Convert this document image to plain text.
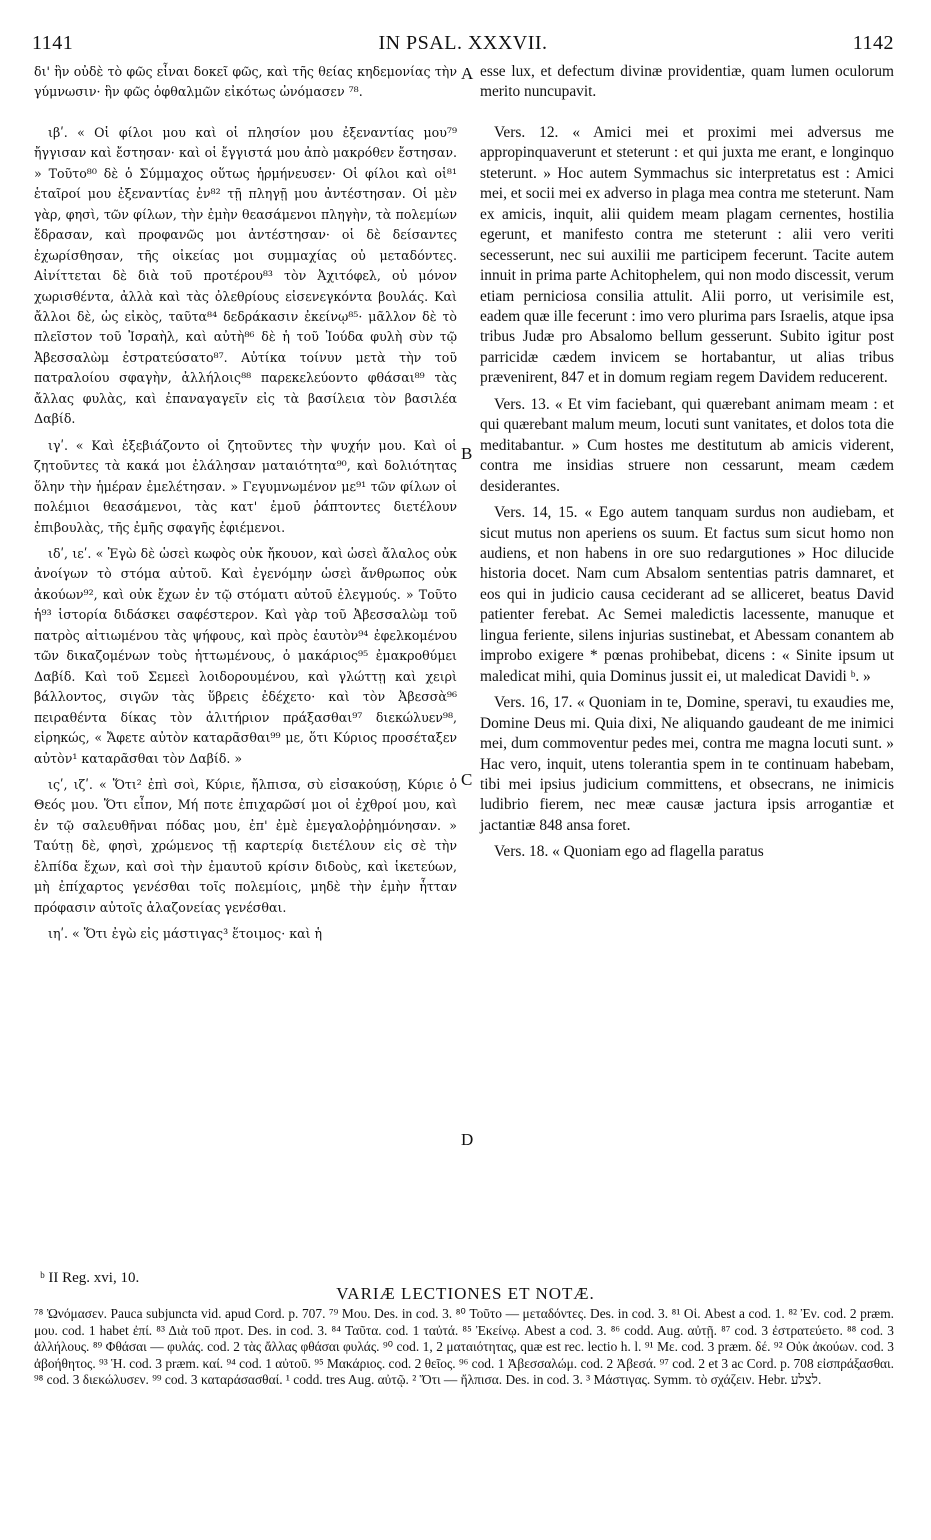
1141	IN PSAL. XXXVII.	1142

δι' ἣν οὐδὲ τὸ φῶς εἶναι δοκεῖ φῶς, καὶ τῆς θείας κηδεμονίας τὴν γύμνωσιν· ἣν φῶς ὀφθαλμῶν εἰκότως ὠνόμασεν ⁷⁸.

ιβʹ. « Οἱ φίλοι μου καὶ οἱ πλησίον μου ἐξεναντίας μου⁷⁹ ἤγγισαν καὶ ἔστησαν· καὶ οἱ ἔγγιστά μου ἀπὸ μακρόθεν ἔστησαν. » Τοῦτο⁸⁰ δὲ ὁ Σύμμαχος οὕτως ἡρμήνευσεν· Οἱ φίλοι καὶ οἱ⁸¹ ἑταῖροί μου ἐξεναντίας ἐν⁸² τῇ πληγῇ μου ἀντέστησαν. Οἱ μὲν γὰρ, φησὶ, τῶν φίλων, τὴν ἐμὴν θεασάμενοι πληγὴν, τὰ πολεμίων ἔδρασαν, καὶ προφανῶς μοι ἀντέστησαν· οἱ δὲ δείσαντες ἐχωρίσθησαν, τῆς οἰκείας μοι συμμαχίας οὐ μεταδόντες. Αἰνίττεται δὲ διὰ τοῦ προτέρου⁸³ τὸν Ἀχιτόφελ, οὐ μόνον χωρισθέντα, ἀλλὰ καὶ τὰς ὀλεθρίους εἰσενεγκόντα βουλάς. Καὶ ἄλλοι δὲ, ὡς εἰκὸς, ταῦτα⁸⁴ δεδράκασιν ἐκείνῳ⁸⁵· μᾶλλον δὲ τὸ πλεῖστον τοῦ Ἰσραὴλ, καὶ αὐτὴ⁸⁶ δὲ ἡ τοῦ Ἰούδα φυλὴ σὺν τῷ Ἀβεσσαλὼμ ἐστρατεύσατο⁸⁷. Αὐτίκα τοίνυν μετὰ τὴν τοῦ πατραλοίου σφαγὴν, ἀλλήλοις⁸⁸ παρεκελεύοντο φθάσαι⁸⁹ τὰς ἄλλας φυλὰς, καὶ ἐπαναγαγεῖν εἰς τὰ βασίλεια τὸν βασιλέα Δαβίδ.

ιγʹ. « Καὶ ἐξεβιάζοντο οἱ ζητοῦντες τὴν ψυχήν μου. Καὶ οἱ ζητοῦντες τὰ κακά μοι ἐλάλησαν ματαιότητα⁹⁰, καὶ δολιότητας ὅλην τὴν ἡμέραν ἐμελέτησαν. » Γεγυμνωμένον με⁹¹ τῶν φίλων οἱ πολέμιοι θεασάμενοι, τὰς κατ' ἐμοῦ ῥάπτοντες διετέλουν ἐπιβουλὰς, τῆς ἐμῆς σφαγῆς ἐφιέμενοι.

ιδʹ, ιεʹ. « Ἐγὼ δὲ ὡσεὶ κωφὸς οὐκ ἤκουον, καὶ ὡσεὶ ἄλαλος οὐκ ἀνοίγων τὸ στόμα αὐτοῦ. Καὶ ἐγενόμην ὡσεὶ ἄνθρωπος οὐκ ἀκούων⁹², καὶ οὐκ ἔχων ἐν τῷ στόματι αὐτοῦ ἐλεγμούς. » Τοῦτο ἡ⁹³ ἱστορία διδάσκει σαφέστερον. Καὶ γὰρ τοῦ Ἀβεσσαλὼμ τοῦ πατρὸς αἰτιωμένου τὰς ψήφους, καὶ πρὸς ἑαυτὸν⁹⁴ ἐφελκομένου τῶν δικαζομένων τοὺς ἡττωμένους, ὁ μακάριος⁹⁵ ἐμακροθύμει Δαβίδ. Καὶ τοῦ Σεμεεὶ λοιδορουμένου, καὶ γλώττῃ καὶ χειρὶ βάλλοντος, σιγῶν τὰς ὕβρεις ἐδέχετο· καὶ τὸν Ἀβεσσὰ⁹⁶ πειραθέντα δίκας τὸν ἀλιτήριον πράξασθαι⁹⁷ διεκώλυεν⁹⁸, εἰρηκώς, « Ἄφετε αὐτὸν καταρᾶσθαι⁹⁹ με, ὅτι Κύριος προσέταξεν αὐτὸν¹ καταρᾶσθαι τὸν Δαβίδ. »

ιςʹ, ιζʹ. « Ὅτι² ἐπὶ σοὶ, Κύριε, ἤλπισα, σὺ εἰσακούσῃ, Κύριε ὁ Θεός μου. Ὅτι εἶπον, Μή ποτε ἐπιχαρῶσί μοι οἱ ἐχθροί μου, καὶ ἐν τῷ σαλευθῆναι πόδας μου, ἐπ' ἐμὲ ἐμεγαλοῤῥημόνησαν. » Ταύτῃ δὲ, φησὶ, χρώμενος τῇ καρτερίᾳ διετέλουν εἰς σὲ τὴν ἐλπίδα ἔχων, καὶ σοὶ τὴν ἐμαυτοῦ κρίσιν διδοὺς, καὶ ἱκετεύων, μὴ ἐπίχαρτος γενέσθαι τοῖς πολεμίοις, μηδὲ τὴν ἐμὴν ἧτταν πρόφασιν αὐτοῖς ἀλαζονείας γενέσθαι.

ιηʹ. « Ὅτι ἐγὼ εἰς μάστιγας³ ἕτοιμος· καὶ ἡ

A
B
C
D

esse lux, et defectum divinæ providentiæ, quam lumen oculorum merito nuncupavit.

Vers. 12. « Amici mei et proximi mei adversus me appropinquaverunt et steterunt : et qui juxta me erant, e longinquo steterunt. » Hoc autem Symmachus sic interpretatus est : Amici mei, et socii mei ex adverso in plaga mea contra me steterunt. Nam ex amicis, inquit, alii quidem meam plagam cernentes, hostilia egerunt, et manifesto contra me steterunt : alii vero veriti secesserunt, nec sui auxilii me participem fecerunt. Tacite autem innuit in prima parte Achitophelem, qui non modo discessit, verum etiam perniciosa consilia attulit. Alii porro, ut verisimile est, eadem quæ ille fecerunt : imo vero plurima pars Israelis, atque ipsa tribus Judæ pro Absalomo bellum gesserunt. Subito igitur post parricidæ cædem invicem se hortabantur, ut alias tribus prævenirent, 847 et in domum regiam regem Davidem reducerent.

Vers. 13. « Et vim faciebant, qui quærebant animam meam : et qui quærebant malum meum, locuti sunt vanitates, et dolos tota die meditabantur. » Cum hostes me destitutum ab amicis viderent, contra me insidias struere non cessarunt, meam cædem desiderantes.

Vers. 14, 15. « Ego autem tanquam surdus non audiebam, et sicut mutus non aperiens os suum. Et factus sum sicut homo non audiens, et non habens in ore suo redargutiones » Hoc dilucide historia docet. Nam cum Absalom sententias patris damnaret, et eos qui in judicio causa ceciderant ad se alliceret, beatus David patienter ferebat. Ac Semei maledictis lacessente, manuque et lingua feriente, silens injurias sustinebat, et Abessam conantem ab improbo exigere * pœnas prohibebat, dicens : « Sinite ipsum ut maledicat mihi, quia Dominus jussit ei, ut maledicat Davidi ᵇ. »

Vers. 16, 17. « Quoniam in te, Domine, speravi, tu exaudies me, Domine Deus mi. Quia dixi, Ne aliquando gaudeant de me inimici mei, dum commoventur pedes mei, contra me magna locuti sunt. » Hac vero, inquit, utens tolerantia spem in te continuam habebam, tibi mei ipsius judicium committens, et obsecrans, ne inimicis ludibrio fierem, nec meæ causæ jactura ipsis arrogantiæ et jactantiæ 848 ansa foret.

Vers. 18. « Quoniam ego ad flagella paratus

ᵇ II Reg. xvi, 10.
VARIÆ LECTIONES ET NOTÆ.
⁷⁸ Ὠνόμασεν. Pauca subjuncta vid. apud Cord. p. 707. ⁷⁹ Μου. Des. in cod. 3. ⁸⁰ Τοῦτο — μεταδόντες. Des. in cod. 3. ⁸¹ Οἱ. Abest a cod. 1. ⁸² Ἐν. cod. 2 præm. μου. cod. 1 habet ἐπί. ⁸³ Διὰ τοῦ προτ. Des. in cod. 3. ⁸⁴ Ταῦτα. cod. 1 ταὐτά. ⁸⁵ Ἐκείνῳ. Abest a cod. 3. ⁸⁶ codd. Aug. αὐτῇ. ⁸⁷ cod. 3 ἐστρατεύετο. ⁸⁸ cod. 3 ἀλλήλους. ⁸⁹ Φθάσαι — φυλάς. cod. 2 τὰς ἄλλας φθάσαι φυλάς. ⁹⁰ cod. 1, 2 ματαιότητας, quæ est rec. lectio h. l. ⁹¹ Με. cod. 3 præm. δέ. ⁹² Οὐκ ἀκούων. cod. 3 ἀβοήθητος. ⁹³ Ἡ. cod. 3 præm. καί. ⁹⁴ cod. 1 αὐτοῦ. ⁹⁵ Μακάριος. cod. 2 θεῖος. ⁹⁶ cod. 1 Ἀβεσσαλώμ. cod. 2 Ἀβεσά. ⁹⁷ cod. 2 et 3 ac Cord. p. 708 εἰσπράξασθαι. ⁹⁸ cod. 3 διεκώλυσεν. ⁹⁹ cod. 3 καταράσασθαί. ¹ codd. tres Aug. αὐτῷ. ² Ὅτι — ἤλπισα. Des. in cod. 3. ³ Μάστιγας. Symm. τὸ σχάζειν. Hebr. לצלע.
